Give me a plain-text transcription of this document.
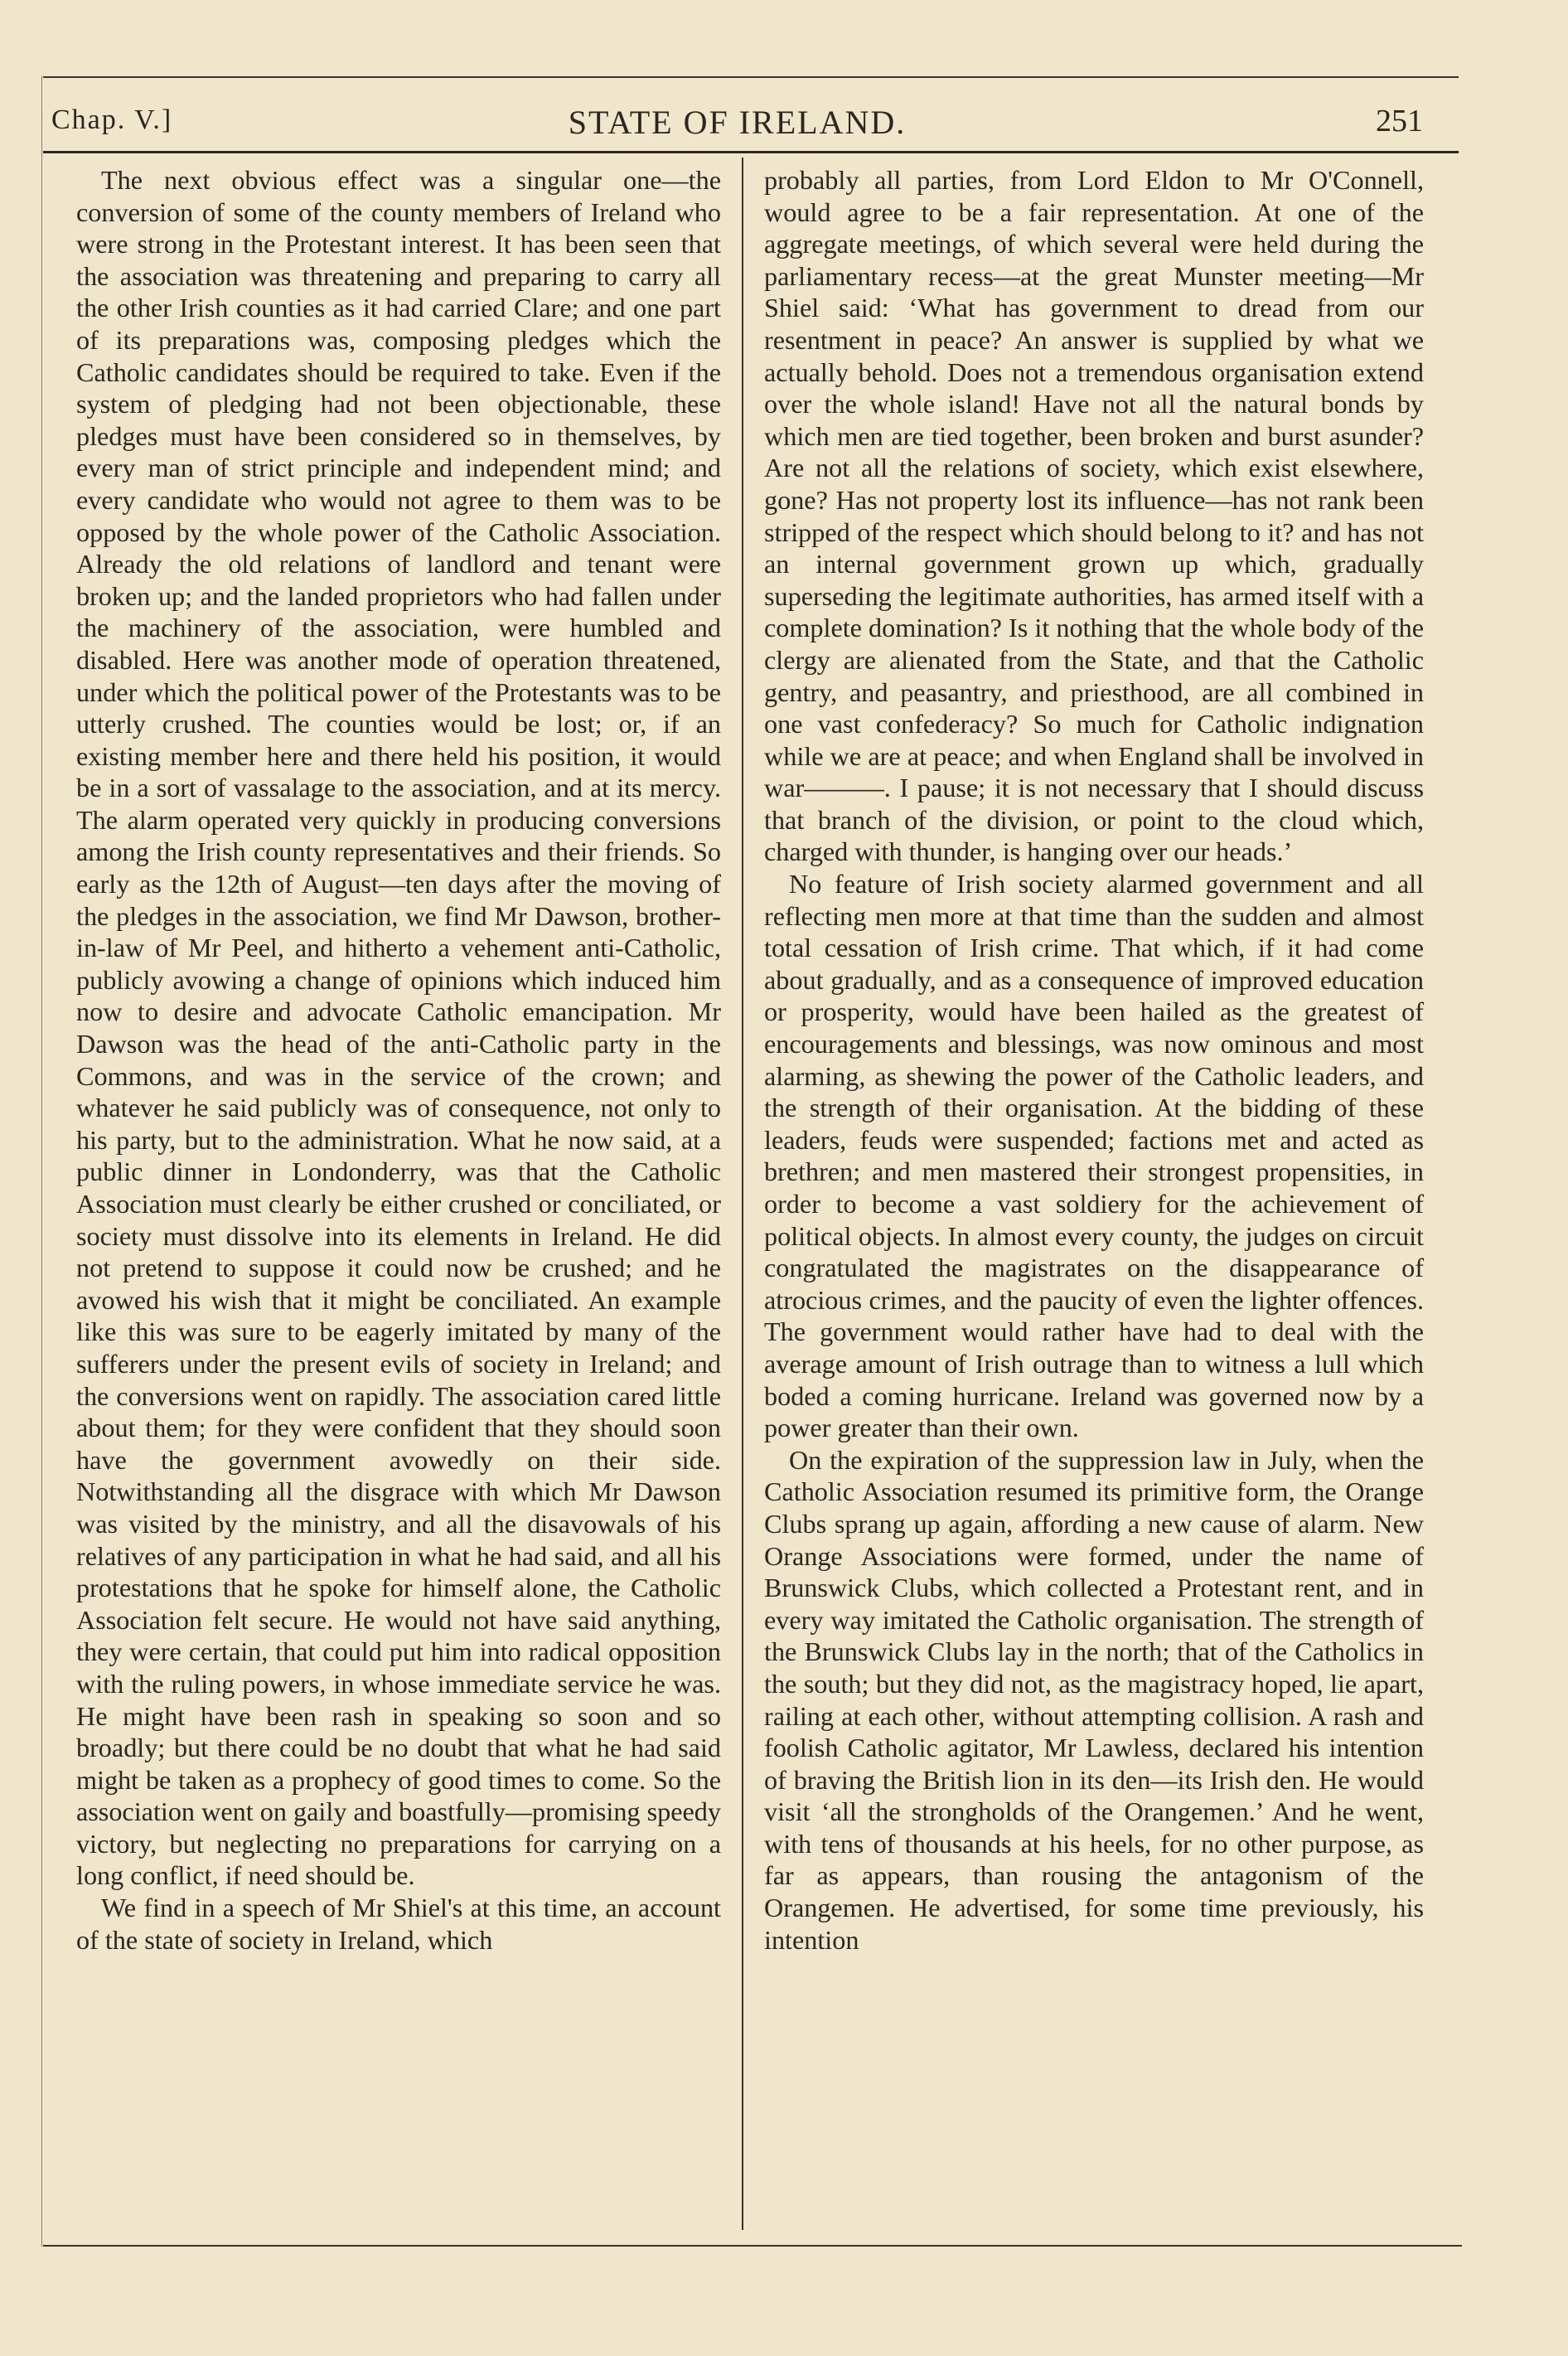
Chap. V.]	STATE OF IRELAND.	251

The next obvious effect was a singular one—the conversion of some of the county members of Ireland who were strong in the Protestant interest. It has been seen that the association was threatening and preparing to carry all the other Irish counties as it had carried Clare; and one part of its preparations was, composing pledges which the Catholic candidates should be required to take. Even if the system of pledging had not been objectionable, these pledges must have been considered so in themselves, by every man of strict principle and independent mind; and every candidate who would not agree to them was to be opposed by the whole power of the Catholic Association. Already the old relations of landlord and tenant were broken up; and the landed proprietors who had fallen under the machinery of the association, were humbled and disabled. Here was another mode of operation threatened, under which the political power of the Protestants was to be utterly crushed. The counties would be lost; or, if an existing member here and there held his position, it would be in a sort of vassalage to the association, and at its mercy. The alarm operated very quickly in producing conversions among the Irish county representatives and their friends. So early as the 12th of August—ten days after the moving of the pledges in the association, we find Mr Dawson, brother-in-law of Mr Peel, and hitherto a vehement anti-Catholic, publicly avowing a change of opinions which induced him now to desire and advocate Catholic emancipation. Mr Dawson was the head of the anti-Catholic party in the Commons, and was in the service of the crown; and whatever he said publicly was of consequence, not only to his party, but to the administration. What he now said, at a public dinner in Londonderry, was that the Catholic Association must clearly be either crushed or conciliated, or society must dissolve into its elements in Ireland. He did not pretend to suppose it could now be crushed; and he avowed his wish that it might be conciliated. An example like this was sure to be eagerly imitated by many of the sufferers under the present evils of society in Ireland; and the conversions went on rapidly. The association cared little about them; for they were confident that they should soon have the government avowedly on their side. Notwithstanding all the disgrace with which Mr Dawson was visited by the ministry, and all the disavowals of his relatives of any participation in what he had said, and all his protestations that he spoke for himself alone, the Catholic Association felt secure. He would not have said anything, they were certain, that could put him into radical opposition with the ruling powers, in whose immediate service he was. He might have been rash in speaking so soon and so broadly; but there could be no doubt that what he had said might be taken as a prophecy of good times to come. So the association went on gaily and boastfully—promising speedy victory, but neglecting no preparations for carrying on a long conflict, if need should be.

We find in a speech of Mr Shiel's at this time, an account of the state of society in Ireland, which

probably all parties, from Lord Eldon to Mr O'Connell, would agree to be a fair representation. At one of the aggregate meetings, of which several were held during the parliamentary recess—at the great Munster meeting—Mr Shiel said: ‘What has government to dread from our resentment in peace? An answer is supplied by what we actually behold. Does not a tremendous organisation extend over the whole island! Have not all the natural bonds by which men are tied together, been broken and burst asunder? Are not all the relations of society, which exist elsewhere, gone? Has not property lost its influence—has not rank been stripped of the respect which should belong to it? and has not an internal government grown up which, gradually superseding the legitimate authorities, has armed itself with a complete domination? Is it nothing that the whole body of the clergy are alienated from the State, and that the Catholic gentry, and peasantry, and priesthood, are all combined in one vast confederacy? So much for Catholic indignation while we are at peace; and when England shall be involved in war———. I pause; it is not necessary that I should discuss that branch of the division, or point to the cloud which, charged with thunder, is hanging over our heads.’

No feature of Irish society alarmed government and all reflecting men more at that time than the sudden and almost total cessation of Irish crime. That which, if it had come about gradually, and as a consequence of improved education or prosperity, would have been hailed as the greatest of encouragements and blessings, was now ominous and most alarming, as shewing the power of the Catholic leaders, and the strength of their organisation. At the bidding of these leaders, feuds were suspended; factions met and acted as brethren; and men mastered their strongest propensities, in order to become a vast soldiery for the achievement of political objects. In almost every county, the judges on circuit congratulated the magistrates on the disappearance of atrocious crimes, and the paucity of even the lighter offences. The government would rather have had to deal with the average amount of Irish outrage than to witness a lull which boded a coming hurricane. Ireland was governed now by a power greater than their own.

On the expiration of the suppression law in July, when the Catholic Association resumed its primitive form, the Orange Clubs sprang up again, affording a new cause of alarm. New Orange Associations were formed, under the name of Brunswick Clubs, which collected a Protestant rent, and in every way imitated the Catholic organisation. The strength of the Brunswick Clubs lay in the north; that of the Catholics in the south; but they did not, as the magistracy hoped, lie apart, railing at each other, without attempting collision. A rash and foolish Catholic agitator, Mr Lawless, declared his intention of braving the British lion in its den—its Irish den. He would visit ‘all the strongholds of the Orangemen.’ And he went, with tens of thousands at his heels, for no other purpose, as far as appears, than rousing the antagonism of the Orangemen. He advertised, for some time previously, his intention
